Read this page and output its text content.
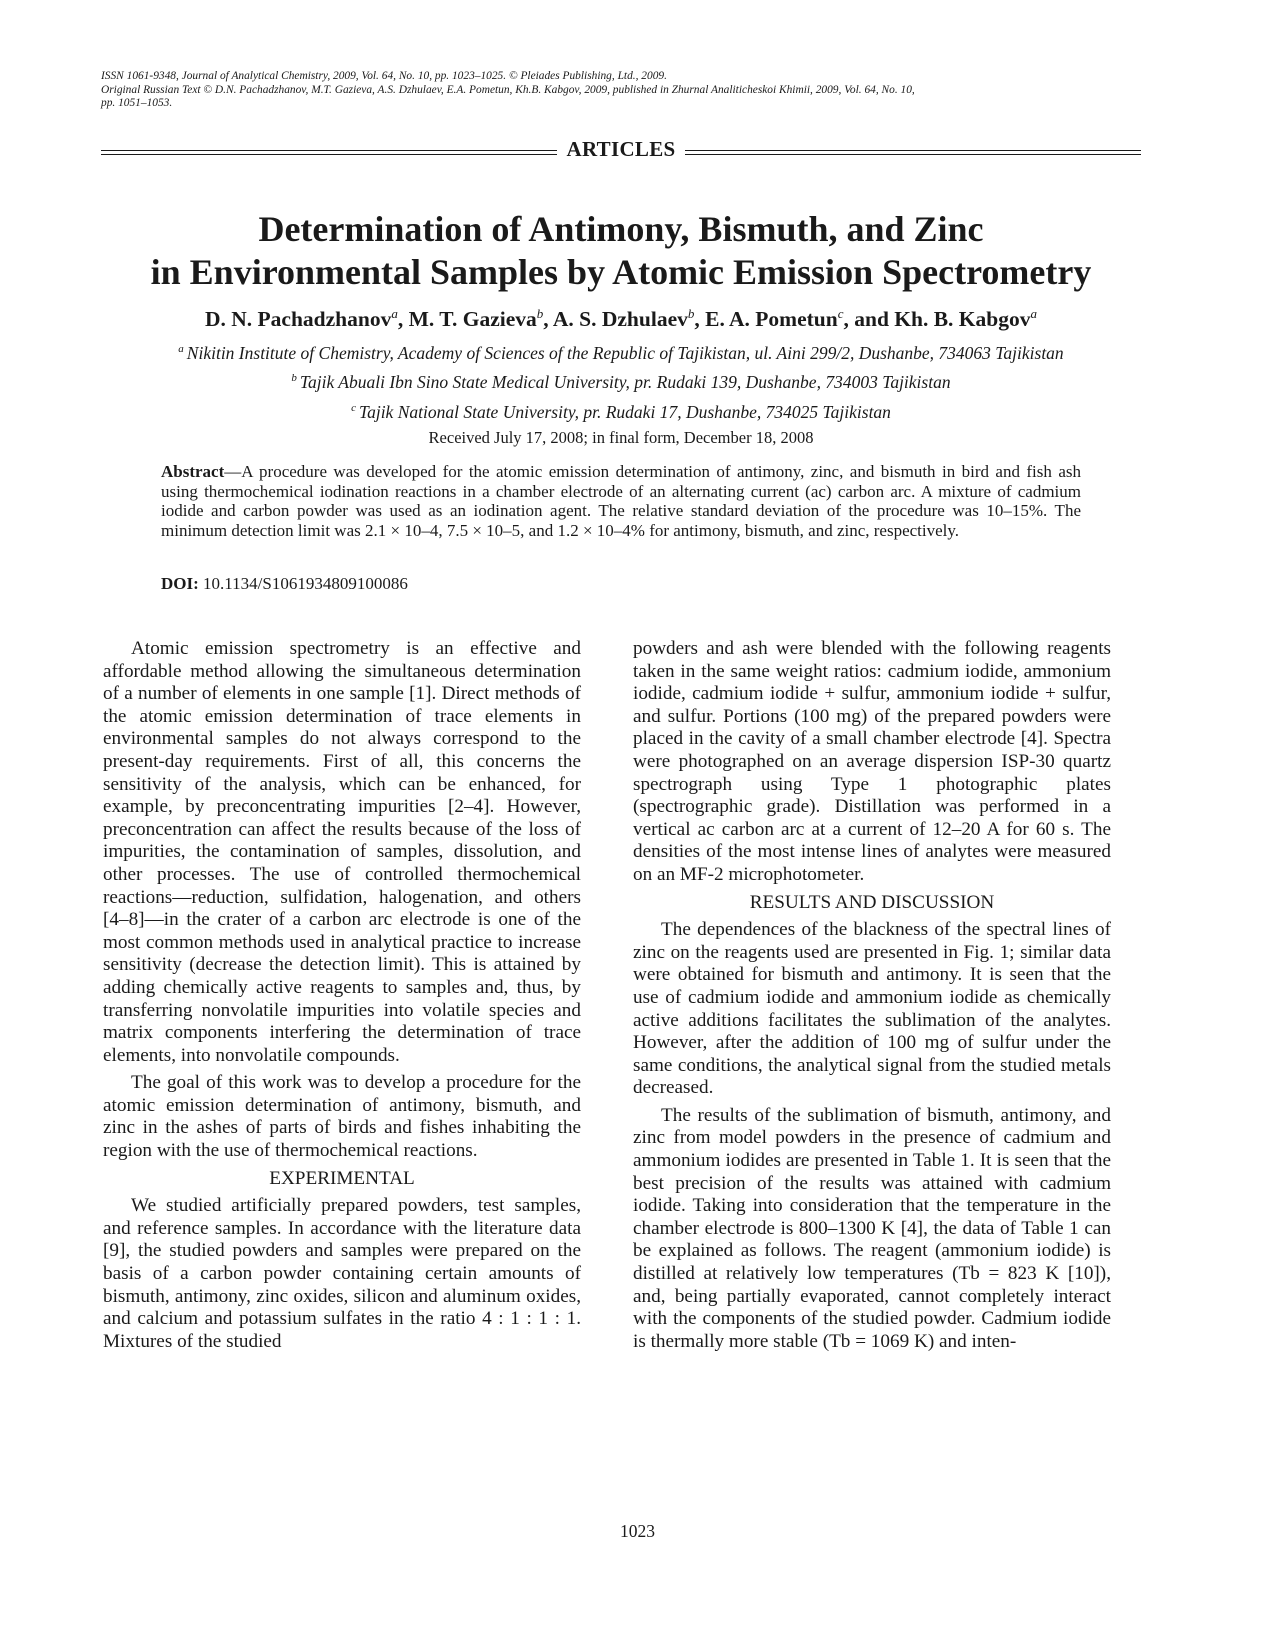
ISSN 1061-9348, Journal of Analytical Chemistry, 2009, Vol. 64, No. 10, pp. 1023–1025. © Pleiades Publishing, Ltd., 2009.
Original Russian Text © D.N. Pachadzhanov, M.T. Gazieva, A.S. Dzhulaev, E.A. Pometun, Kh.B. Kabgov, 2009, published in Zhurnal Analiticheskoi Khimii, 2009, Vol. 64, No. 10,
pp. 1051–1053.
ARTICLES
Determination of Antimony, Bismuth, and Zinc
in Environmental Samples by Atomic Emission Spectrometry
D. N. Pachadzhanov$^a$, M. T. Gazieva$^b$, A. S. Dzhulaev$^b$, E. A. Pometun$^c$, and Kh. B. Kabgov$^a$
$^a$ Nikitin Institute of Chemistry, Academy of Sciences of the Republic of Tajikistan, ul. Aini 299/2, Dushanbe, 734063 Tajikistan
$^b$ Tajik Abuali Ibn Sino State Medical University, pr. Rudaki 139, Dushanbe, 734003 Tajikistan
$^c$ Tajik National State University, pr. Rudaki 17, Dushanbe, 734025 Tajikistan
Received July 17, 2008; in final form, December 18, 2008
Abstract—A procedure was developed for the atomic emission determination of antimony, zinc, and bismuth in bird and fish ash using thermochemical iodination reactions in a chamber electrode of an alternating current (ac) carbon arc. A mixture of cadmium iodide and carbon powder was used as an iodination agent. The relative standard deviation of the procedure was 10–15%. The minimum detection limit was 2.1 × 10–4, 7.5 × 10–5, and 1.2 × 10–4% for antimony, bismuth, and zinc, respectively.
DOI: 10.1134/S1061934809100086

Atomic emission spectrometry is an effective and affordable method allowing the simultaneous determination of a number of elements in one sample [1]. Direct methods of the atomic emission determination of trace elements in environmental samples do not always correspond to the present-day requirements. First of all, this concerns the sensitivity of the analysis, which can be enhanced, for example, by preconcentrating impurities [2–4]. However, preconcentration can affect the results because of the loss of impurities, the contamination of samples, dissolution, and other processes. The use of controlled thermochemical reactions—reduction, sulfidation, halogenation, and others [4–8]—in the crater of a carbon arc electrode is one of the most common methods used in analytical practice to increase sensitivity (decrease the detection limit). This is attained by adding chemically active reagents to samples and, thus, by transferring nonvolatile impurities into volatile species and matrix components interfering the determination of trace elements, into nonvolatile compounds.

The goal of this work was to develop a procedure for the atomic emission determination of antimony, bismuth, and zinc in the ashes of parts of birds and fishes inhabiting the region with the use of thermochemical reactions.

EXPERIMENTAL

We studied artificially prepared powders, test samples, and reference samples. In accordance with the literature data [9], the studied powders and samples were prepared on the basis of a carbon powder containing certain amounts of bismuth, antimony, zinc oxides, silicon and aluminum oxides, and calcium and potassium sulfates in the ratio 4 : 1 : 1 : 1. Mixtures of the studied

powders and ash were blended with the following reagents taken in the same weight ratios: cadmium iodide, ammonium iodide, cadmium iodide + sulfur, ammonium iodide + sulfur, and sulfur. Portions (100 mg) of the prepared powders were placed in the cavity of a small chamber electrode [4]. Spectra were photographed on an average dispersion ISP-30 quartz spectrograph using Type 1 photographic plates (spectrographic grade). Distillation was performed in a vertical ac carbon arc at a current of 12–20 A for 60 s. The densities of the most intense lines of analytes were measured on an MF-2 microphotometer.

RESULTS AND DISCUSSION

The dependences of the blackness of the spectral lines of zinc on the reagents used are presented in Fig. 1; similar data were obtained for bismuth and antimony. It is seen that the use of cadmium iodide and ammonium iodide as chemically active additions facilitates the sublimation of the analytes. However, after the addition of 100 mg of sulfur under the same conditions, the analytical signal from the studied metals decreased.

The results of the sublimation of bismuth, antimony, and zinc from model powders in the presence of cadmium and ammonium iodides are presented in Table 1. It is seen that the best precision of the results was attained with cadmium iodide. Taking into consideration that the temperature in the chamber electrode is 800–1300 K [4], the data of Table 1 can be explained as follows. The reagent (ammonium iodide) is distilled at relatively low temperatures (Tb = 823 K [10]), and, being partially evaporated, cannot completely interact with the components of the studied powder. Cadmium iodide is thermally more stable (Tb = 1069 K) and inten-

1023
